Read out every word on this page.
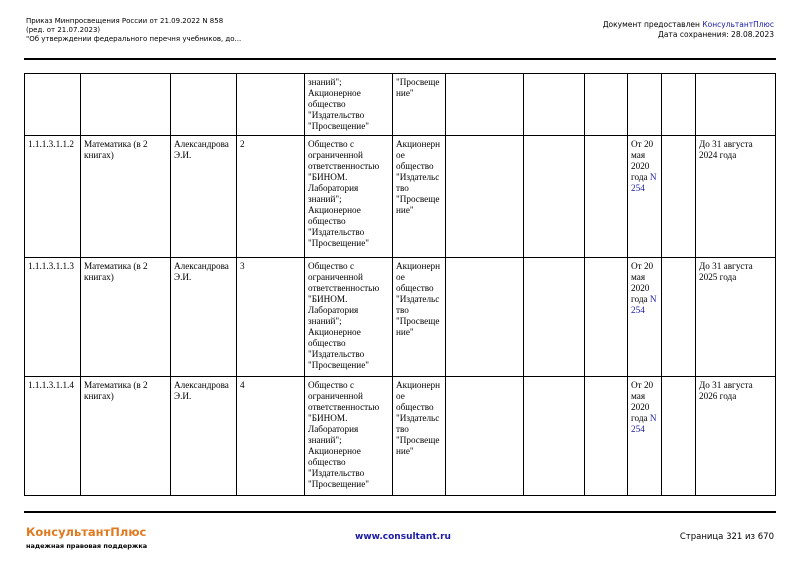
Приказ Минпросвещения России от 21.09.2022 N 858
(ред. от 21.07.2023)
"Об утверждении федерального перечня учебников, до...
Документ предоставлен КонсультантПлюс
Дата сохранения: 28.08.2023
				знаний"; Акционерное общество "Издательство "Просвещение"	"Просвеще ние"						
1.1.1.3.1.1.2	Математика (в 2 книгах)	Александрова Э.И.	2	Общество с ограниченной ответственностью "БИНОМ. Лаборатория знаний"; Акционерное общество "Издательство "Просвещение"	Акционерн ое общество "Издательс тво "Просвеще ние"				От 20 мая 2020 года N 254		До 31 августа 2024 года
1.1.1.3.1.1.3	Математика (в 2 книгах)	Александрова Э.И.	3	Общество с ограниченной ответственностью "БИНОМ. Лаборатория знаний"; Акционерное общество "Издательство "Просвещение"	Акционерн ое общество "Издательс тво "Просвеще ние"				От 20 мая 2020 года N 254		До 31 августа 2025 года
1.1.1.3.1.1.4	Математика (в 2 книгах)	Александрова Э.И.	4	Общество с ограниченной ответственностью "БИНОМ. Лаборатория знаний"; Акционерное общество "Издательство "Просвещение"	Акционерн ое общество "Издательс тво "Просвеще ние"				От 20 мая 2020 года N 254		До 31 августа 2026 года
КонсультантПлюс
надежная правовая поддержка
www.consultant.ru	Страница 321 из 670
